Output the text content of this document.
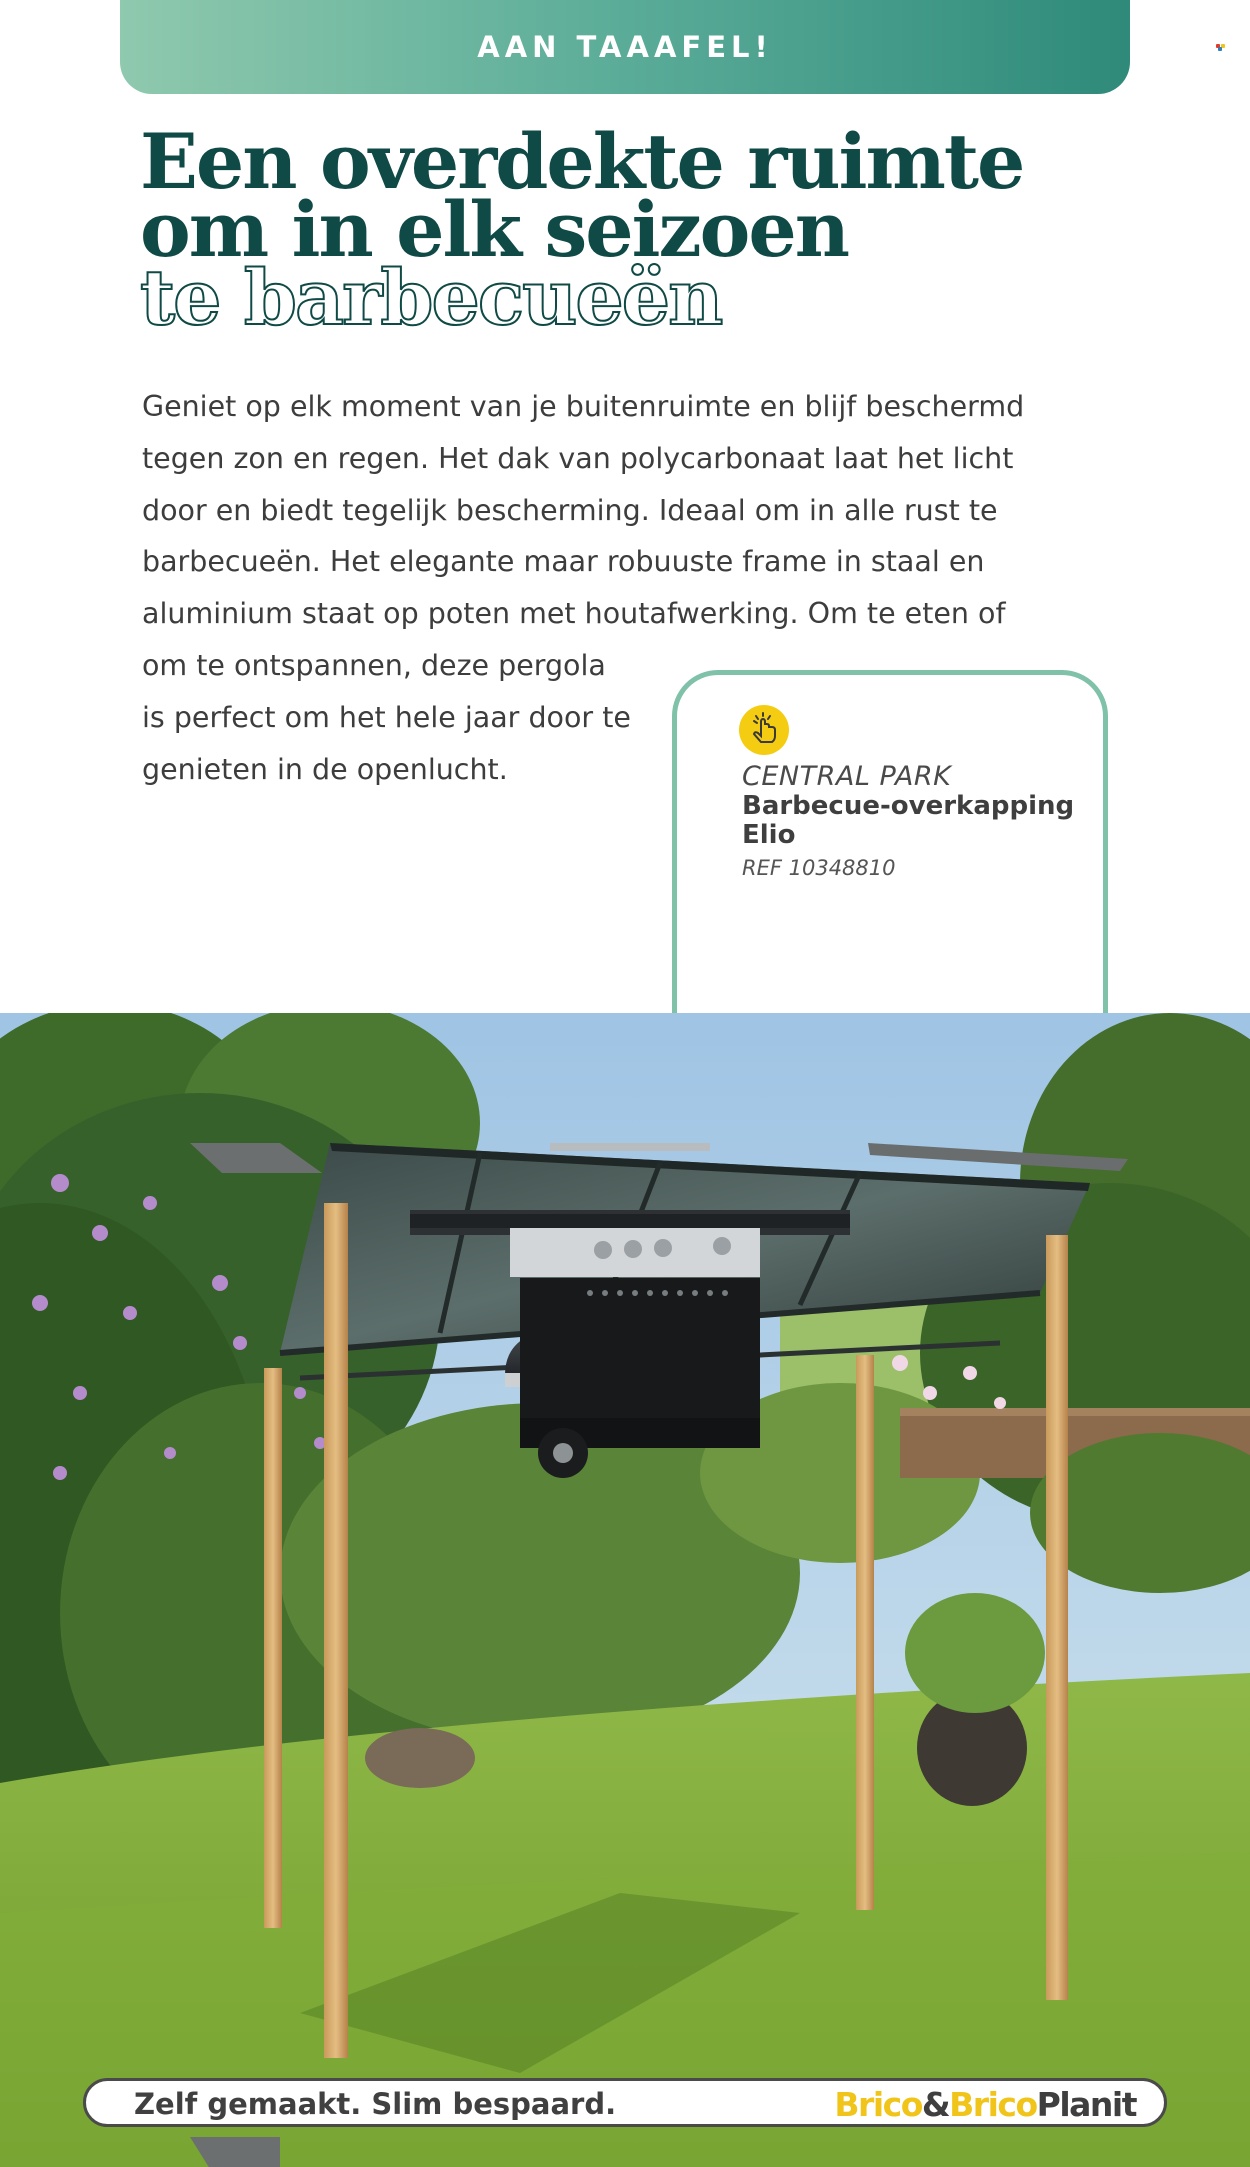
AAN TAAAFEL!
Een overdekte ruimte
om in elk seizoen
te barbecueën
Geniet op elk moment van je buitenruimte en blijf beschermd
tegen zon en regen. Het dak van polycarbonaat laat het licht
door en biedt tegelijk bescherming. Ideaal om in alle rust te
barbecueën. Het elegante maar robuuste frame in staal en
aluminium staat op poten met houtafwerking. Om te eten of
om te ontspannen, deze pergola
is perfect om het hele jaar door te
genieten in de openlucht.	CENTRAL PARK
Barbecue-overkapping Elio
REF 10348810
Zelf gemaakt. Slim bespaard.	Brico&BricoPlanit
